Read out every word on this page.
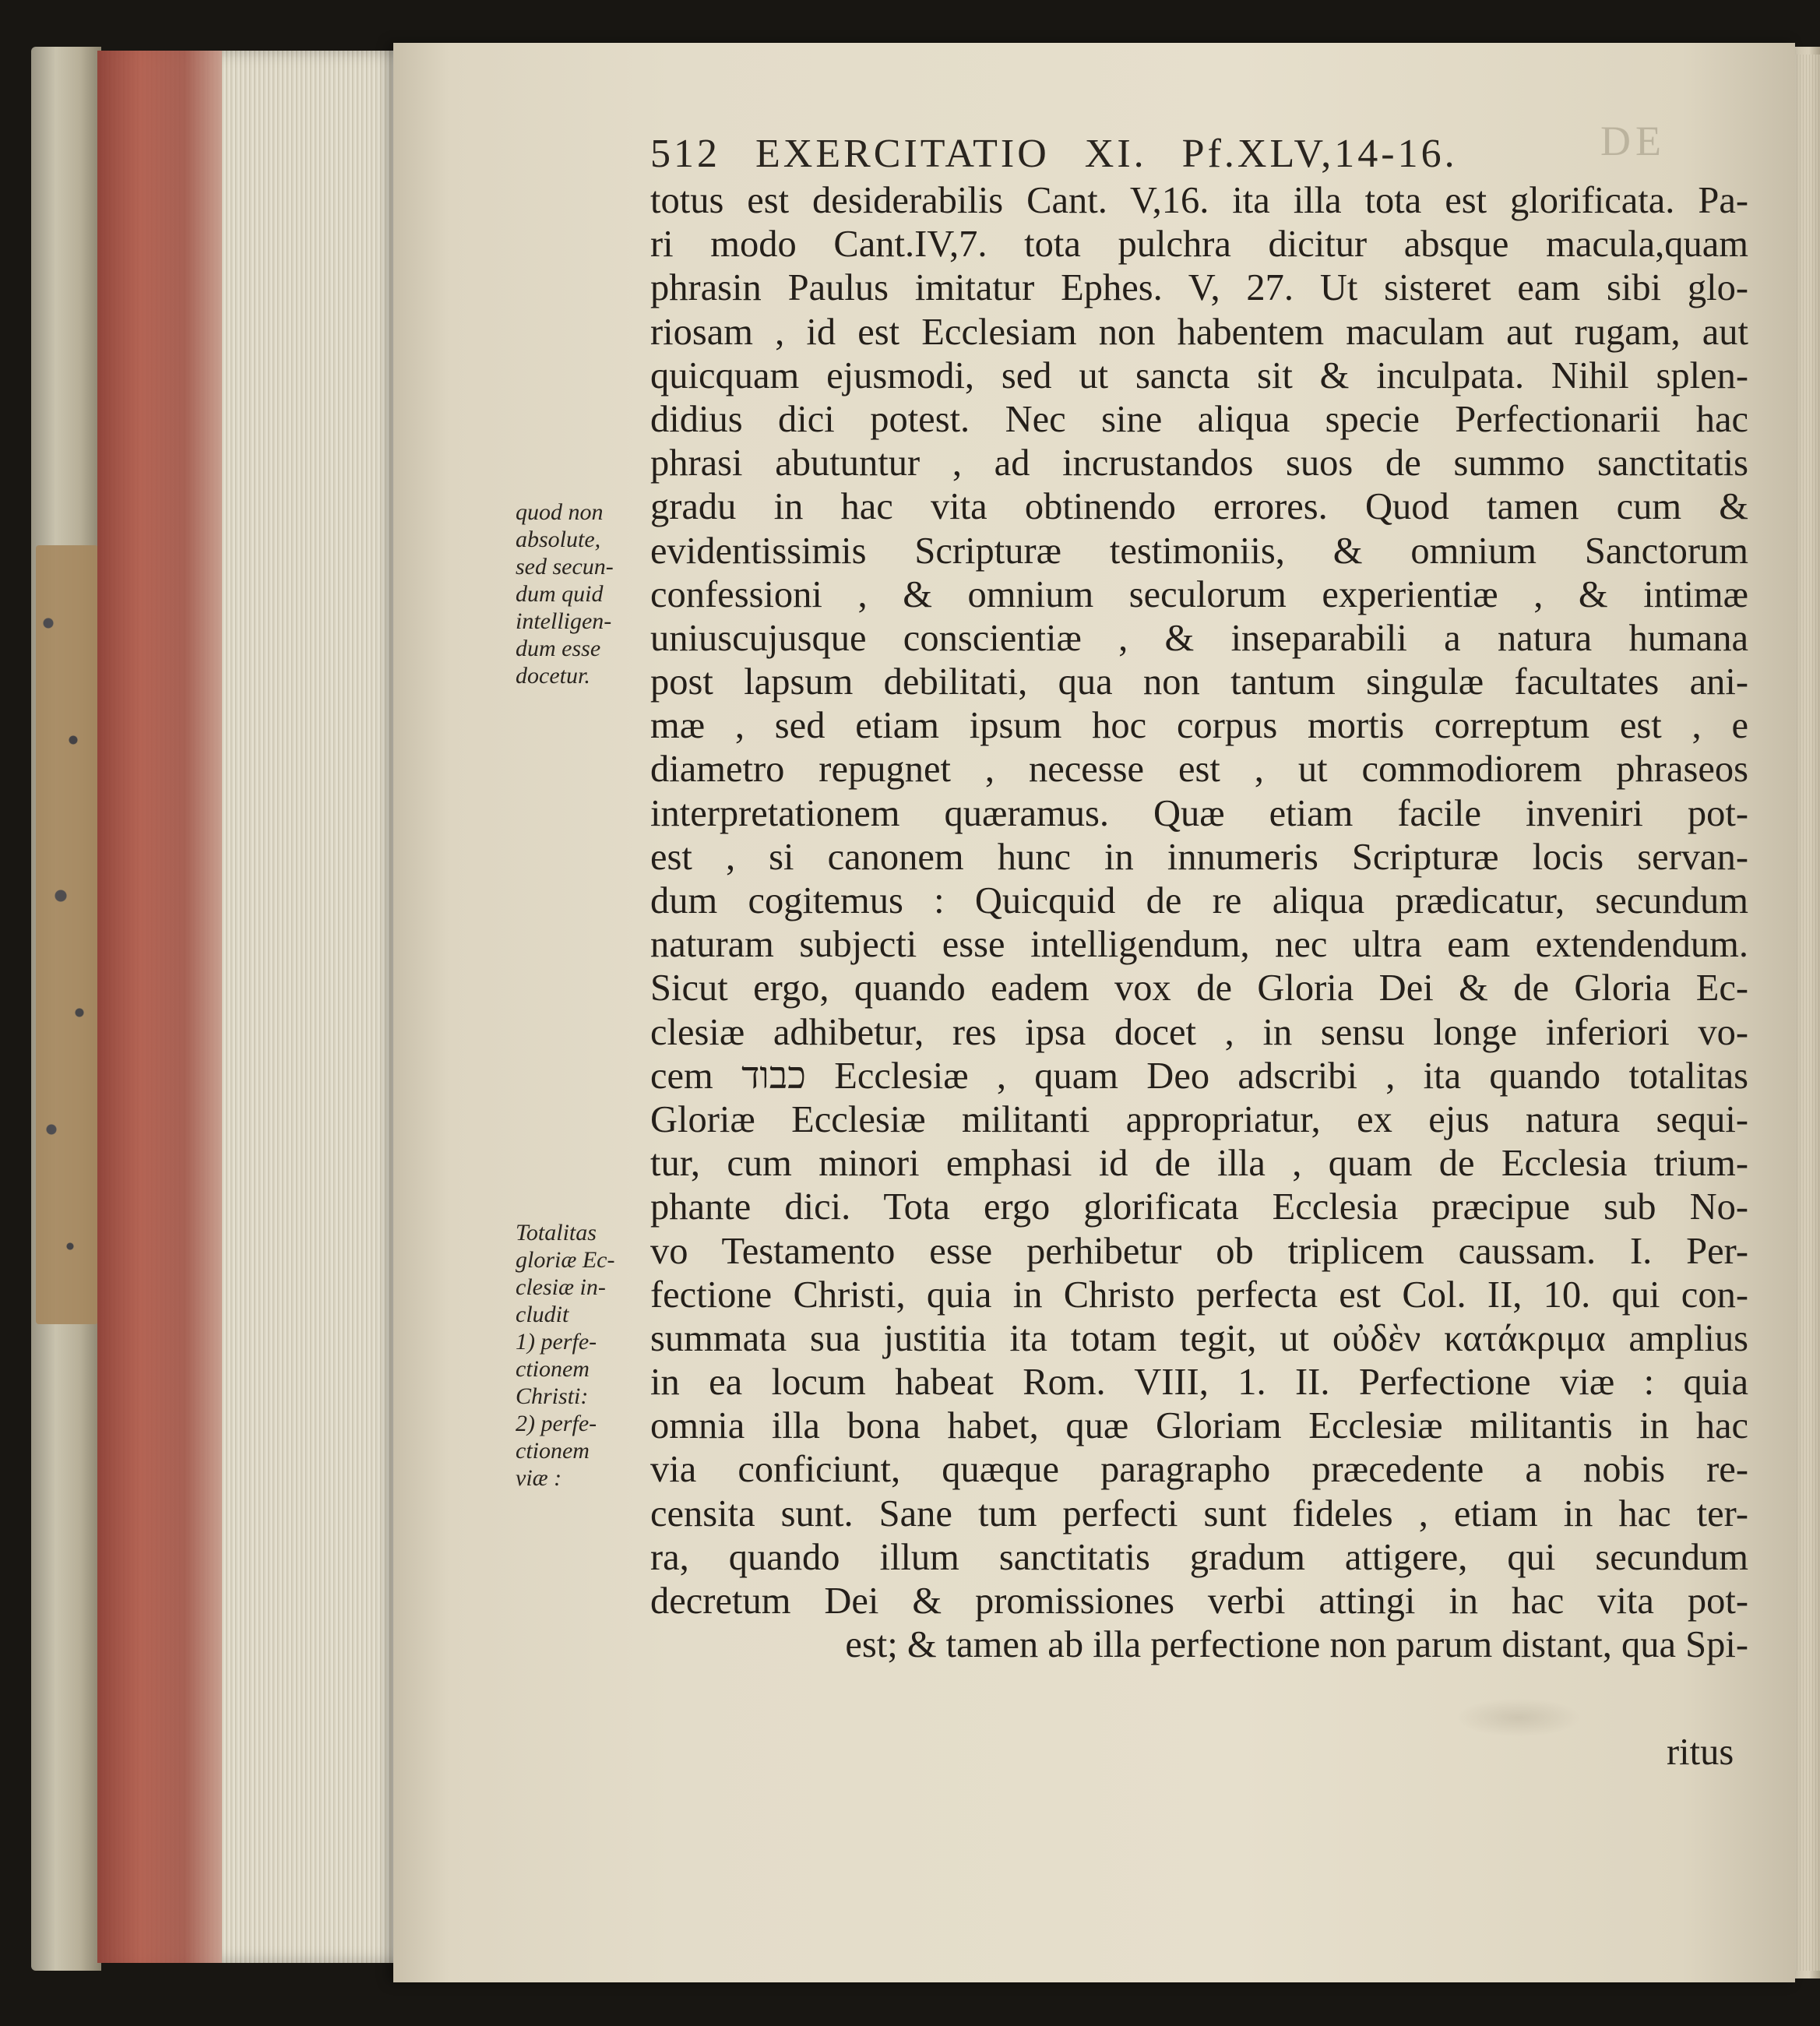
DE
512 EXERCITATIO XI. Pf.XLV,14-16.
totus est desiderabilis Cant. V,16. ita illa tota est glorificata. Pa-
ri modo Cant.IV,7. tota pulchra dicitur absque macula,quam
phrasin Paulus imitatur Ephes. V, 27. Ut sisteret eam sibi glo-
riosam , id est Ecclesiam non habentem maculam aut rugam, aut
quicquam ejusmodi, sed ut sancta sit & inculpata. Nihil splen-
didius dici potest. Nec sine aliqua specie Perfectionarii hac
phrasi abutuntur , ad incrustandos suos de summo sanctitatis
gradu in hac vita obtinendo errores. Quod tamen cum &
evidentissimis Scripturæ testimoniis, & omnium Sanctorum
confessioni , & omnium seculorum experientiæ , & intimæ
uniuscujusque conscientiæ , & inseparabili a natura humana
post lapsum debilitati, qua non tantum singulæ facultates ani-
mæ , sed etiam ipsum hoc corpus mortis correptum est , e
diametro repugnet , necesse est , ut commodiorem phraseos
interpretationem quæramus. Quæ etiam facile inveniri pot-
est , si canonem hunc in innumeris Scripturæ locis servan-
dum cogitemus : Quicquid de re aliqua prædicatur, secundum
naturam subjecti esse intelligendum, nec ultra eam extendendum.
Sicut ergo, quando eadem vox de Gloria Dei & de Gloria Ec-
clesiæ adhibetur, res ipsa docet , in sensu longe inferiori vo-
cem כבוד Ecclesiæ , quam Deo adscribi , ita quando totalitas
Gloriæ Ecclesiæ militanti appropriatur, ex ejus natura sequi-
tur, cum minori emphasi id de illa , quam de Ecclesia trium-
phante dici. Tota ergo glorificata Ecclesia præcipue sub No-
vo Testamento esse perhibetur ob triplicem caussam. I. Per-
fectione Christi, quia in Christo perfecta est Col. II, 10. qui con-
summata sua justitia ita totam tegit, ut οὐδὲν κατάκριμα amplius
in ea locum habeat Rom. VIII, 1. II. Perfectione viæ : quia
omnia illa bona habet, quæ Gloriam Ecclesiæ militantis in hac
via conficiunt, quæque paragrapho præcedente a nobis re-
censita sunt. Sane tum perfecti sunt fideles , etiam in hac ter-
ra, quando illum sanctitatis gradum attigere, qui secundum
decretum Dei & promissiones verbi attingi in hac vita pot-
est; & tamen ab illa perfectione non parum distant, qua Spi-
quod non
absolute,
sed secun-
dum quid
intelligen-
dum esse
docetur.
Totalitas
gloriæ Ec-
clesiæ in-
cludit
1) perfe-
ctionem
Christi:
2) perfe-
ctionem
viæ :
ritus
